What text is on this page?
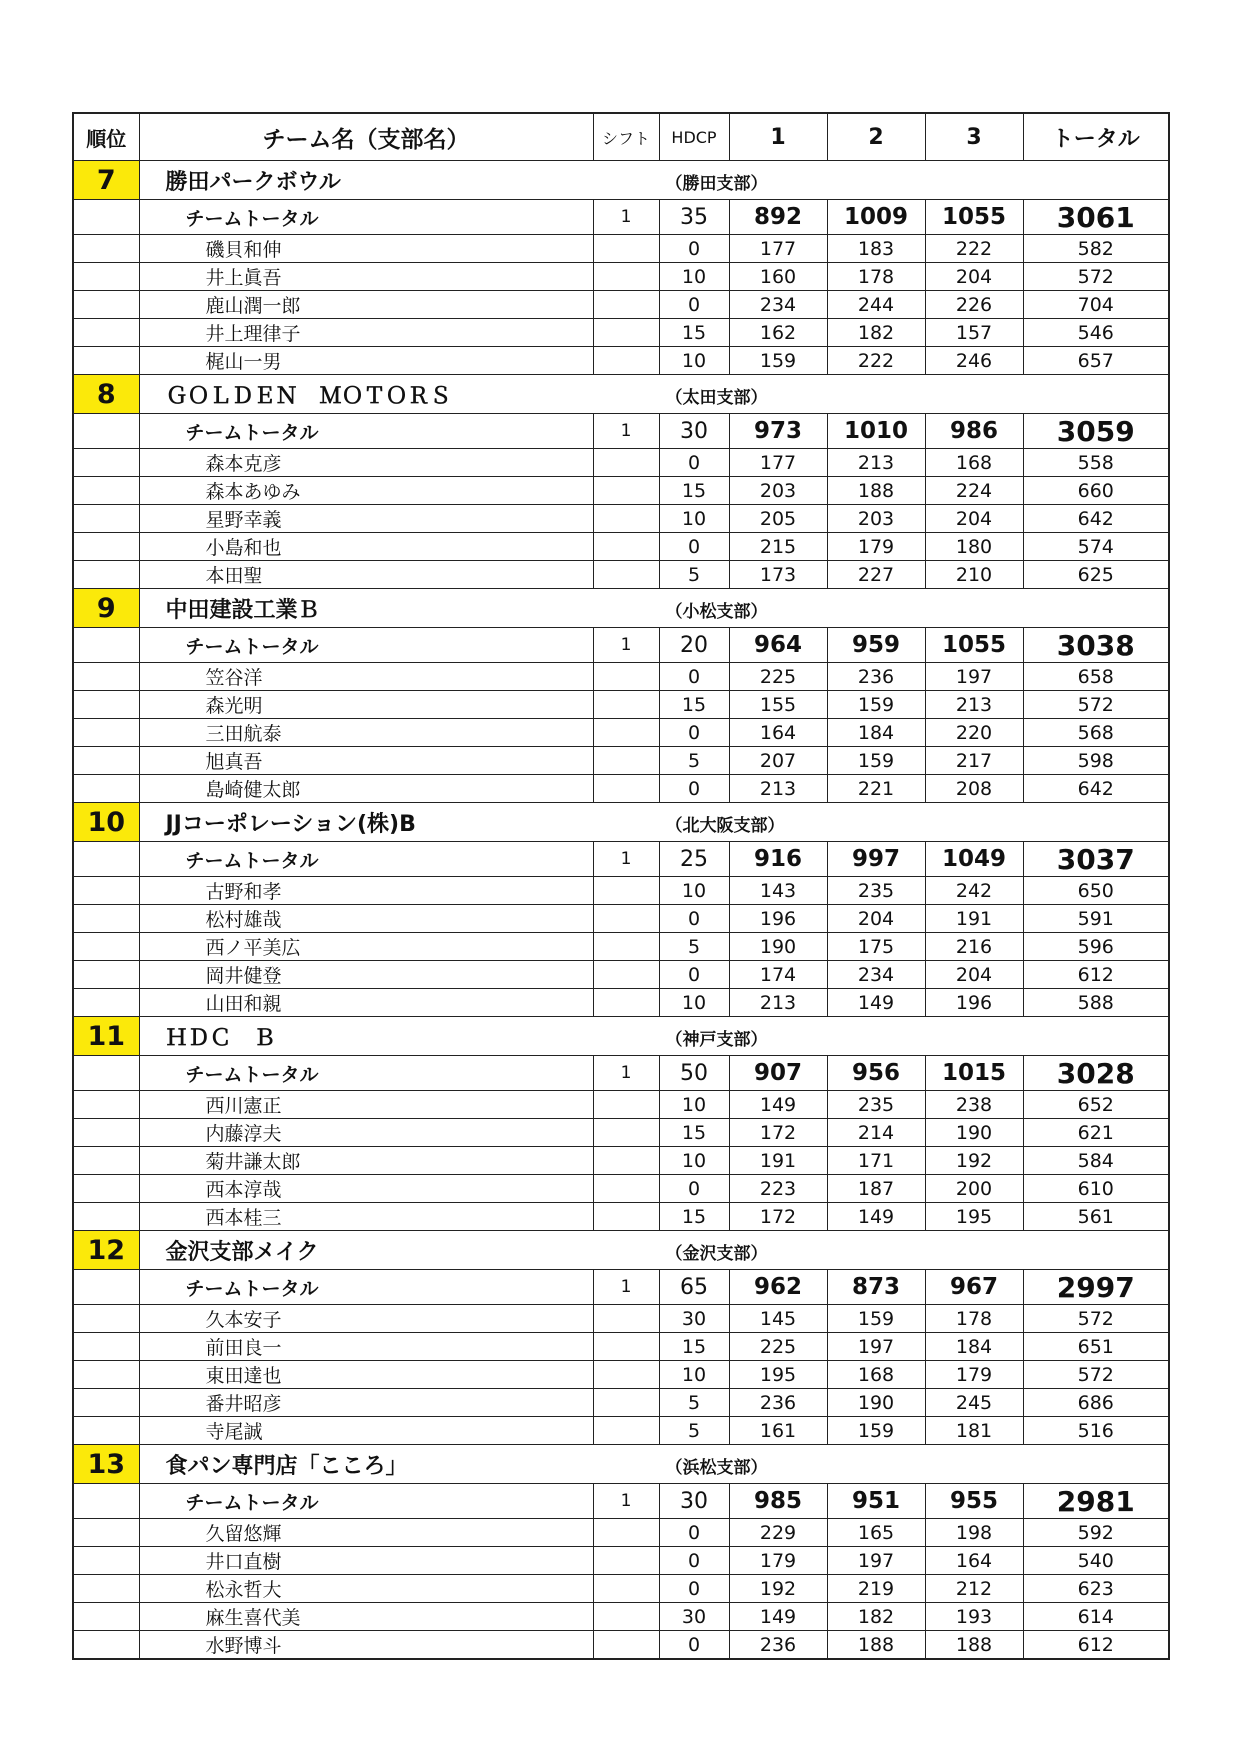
順位	チーム名（支部名）	シフト	HDCP	1	2	3	トータル
7	勝田パークボウル （勝田支部）						
	チームトータル	1	35	892	1009	1055	3061
	磯貝和伸		0	177	183	222	582
	井上眞吾		10	160	178	204	572
	鹿山潤一郎		0	234	244	226	704
	井上理律子		15	162	182	157	546
	梶山一男		10	159	222	246	657
8	ＧＯＬＤＥＮ　ＭＯＴＯＲＳ （太田支部）						
	チームトータル	1	30	973	1010	986	3059
	森本克彦		0	177	213	168	558
	森本あゆみ		15	203	188	224	660
	星野幸義		10	205	203	204	642
	小島和也		0	215	179	180	574
	本田聖		5	173	227	210	625
9	中田建設工業Ｂ （小松支部）						
	チームトータル	1	20	964	959	1055	3038
	笠谷洋		0	225	236	197	658
	森光明		15	155	159	213	572
	三田航泰		0	164	184	220	568
	旭真吾		5	207	159	217	598
	島崎健太郎		0	213	221	208	642
10	JJコーポレーション(株)B （北大阪支部）						
	チームトータル	1	25	916	997	1049	3037
	古野和孝		10	143	235	242	650
	松村雄哉		0	196	204	191	591
	西ノ平美広		5	190	175	216	596
	岡井健登		0	174	234	204	612
	山田和親		10	213	149	196	588
11	ＨＤＣ　Ｂ （神戸支部）						
	チームトータル	1	50	907	956	1015	3028
	西川憲正		10	149	235	238	652
	内藤淳夫		15	172	214	190	621
	菊井謙太郎		10	191	171	192	584
	西本淳哉		0	223	187	200	610
	西本桂三		15	172	149	195	561
12	金沢支部メイク （金沢支部）						
	チームトータル	1	65	962	873	967	2997
	久本安子		30	145	159	178	572
	前田良一		15	225	197	184	651
	東田達也		10	195	168	179	572
	番井昭彦		5	236	190	245	686
	寺尾誠		5	161	159	181	516
13	食パン専門店「こころ」 （浜松支部）						
	チームトータル	1	30	985	951	955	2981
	久留悠輝		0	229	165	198	592
	井口直樹		0	179	197	164	540
	松永哲大		0	192	219	212	623
	麻生喜代美		30	149	182	193	614
	水野博斗		0	236	188	188	612
